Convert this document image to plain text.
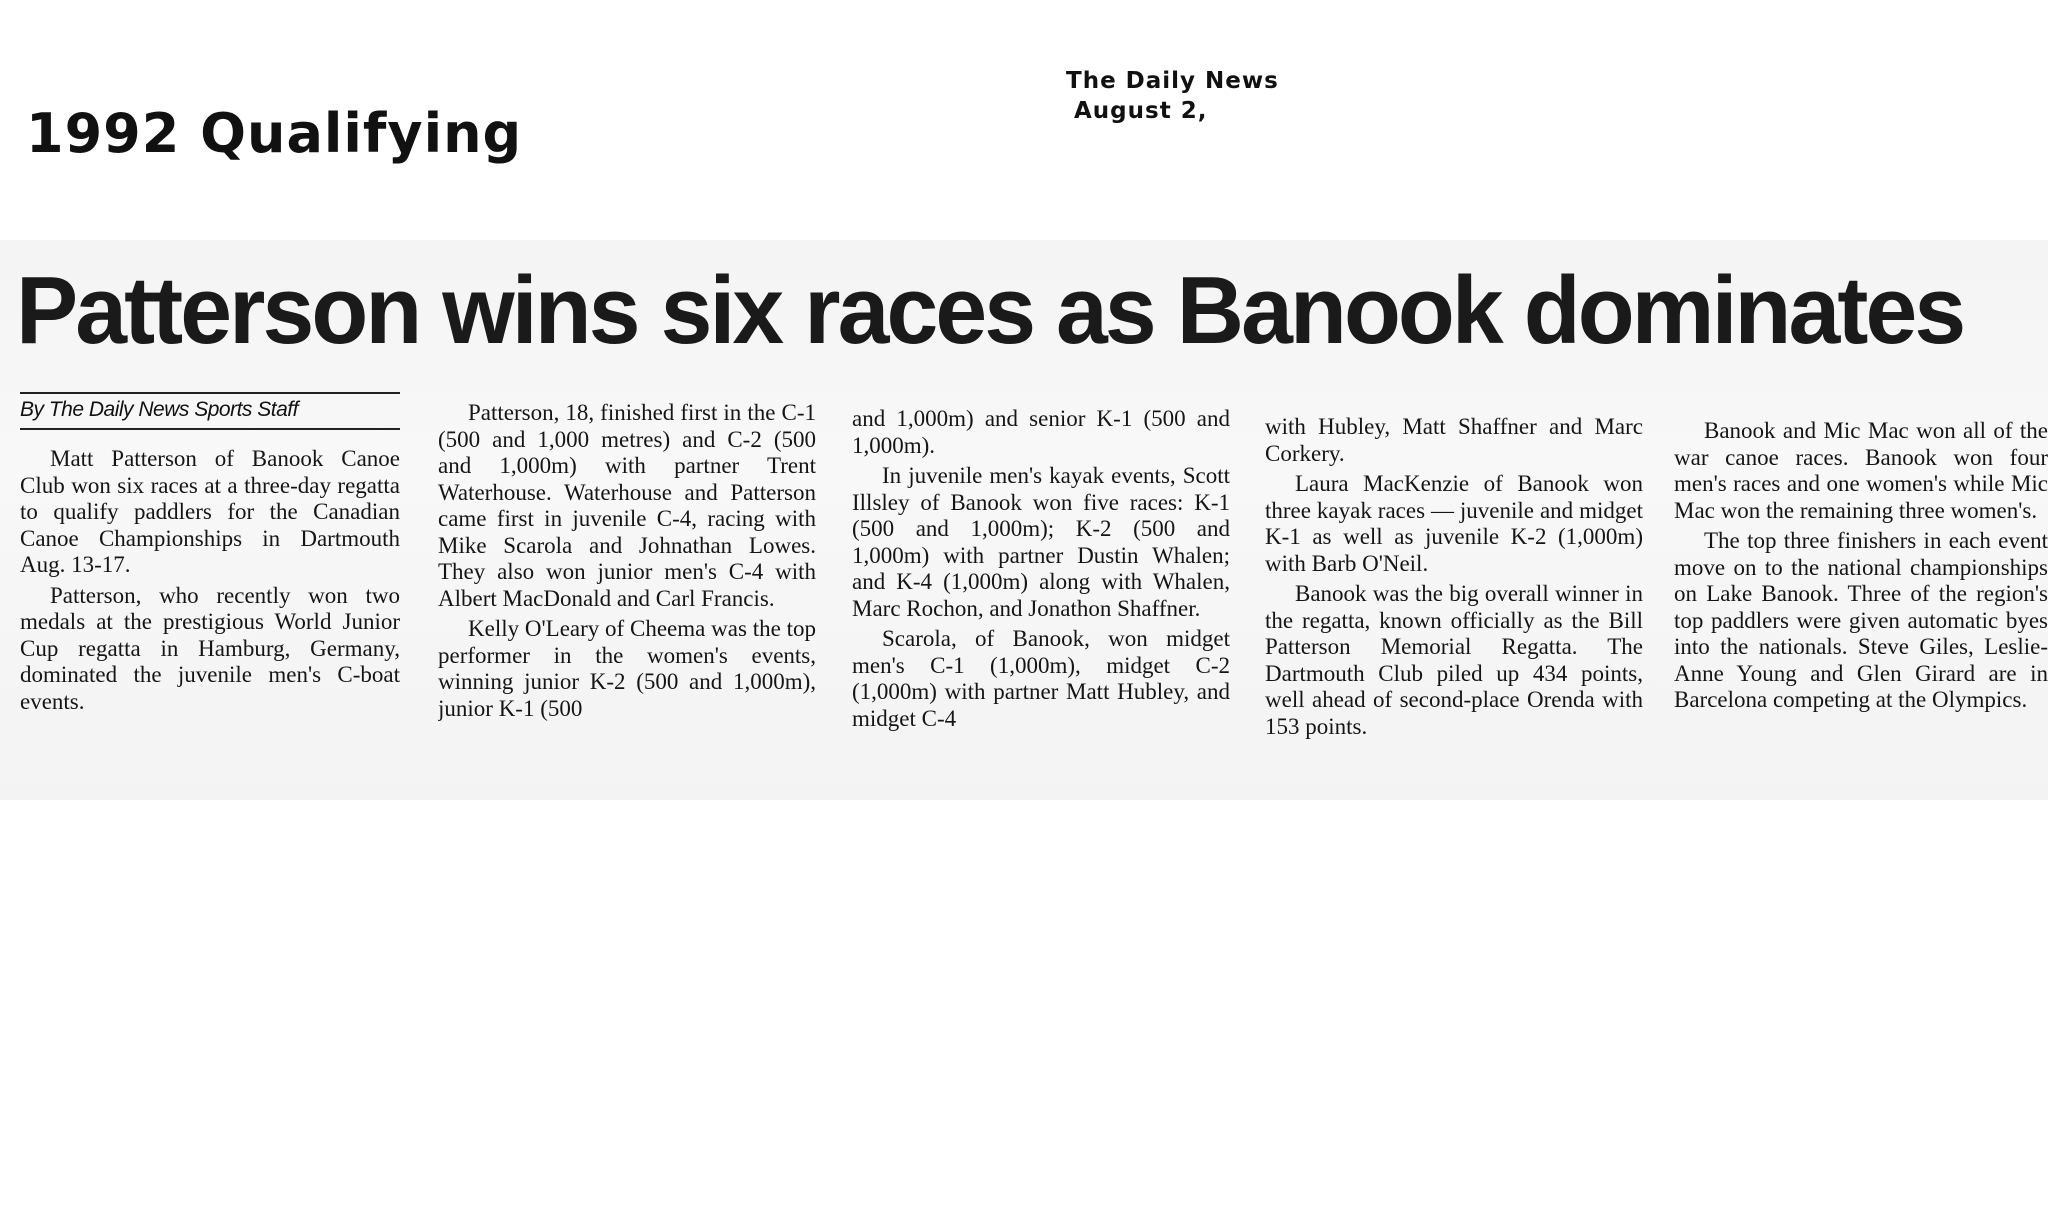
1992 Qualifying
The Daily News
August 2,
Patterson wins six races as Banook dominates
By The Daily News Sports Staff

Matt Patterson of Banook Canoe Club won six races at a three-day regatta to qualify paddlers for the Canadian Canoe Championships in Dartmouth Aug. 13-17.

Patterson, who recently won two medals at the prestigious World Junior Cup regatta in Hamburg, Germany, dominated the juvenile men's C-boat events.

Patterson, 18, finished first in the C-1 (500 and 1,000 metres) and C-2 (500 and 1,000m) with partner Trent Waterhouse. Waterhouse and Patterson came first in juvenile C-4, racing with Mike Scarola and Johnathan Lowes. They also won junior men's C-4 with Albert MacDonald and Carl Francis.

Kelly O'Leary of Cheema was the top performer in the women's events, winning junior K-2 (500 and 1,000m), junior K-1 (500

and 1,000m) and senior K-1 (500 and 1,000m).

In juvenile men's kayak events, Scott Illsley of Banook won five races: K-1 (500 and 1,000m); K-2 (500 and 1,000m) with partner Dustin Whalen; and K-4 (1,000m) along with Whalen, Marc Rochon, and Jonathon Shaffner.

Scarola, of Banook, won midget men's C-1 (1,000m), midget C-2 (1,000m) with partner Matt Hubley, and midget C-4

with Hubley, Matt Shaffner and Marc Corkery.

Laura MacKenzie of Banook won three kayak races — juvenile and midget K-1 as well as juvenile K-2 (1,000m) with Barb O'Neil.

Banook was the big overall winner in the regatta, known officially as the Bill Patterson Memorial Regatta. The Dartmouth Club piled up 434 points, well ahead of second-place Orenda with 153 points.

Banook and Mic Mac won all of the war canoe races. Banook won four men's races and one women's while Mic Mac won the remaining three women's.

The top three finishers in each event move on to the national championships on Lake Banook. Three of the region's top paddlers were given automatic byes into the nationals. Steve Giles, Leslie-Anne Young and Glen Girard are in Barcelona competing at the Olympics.
